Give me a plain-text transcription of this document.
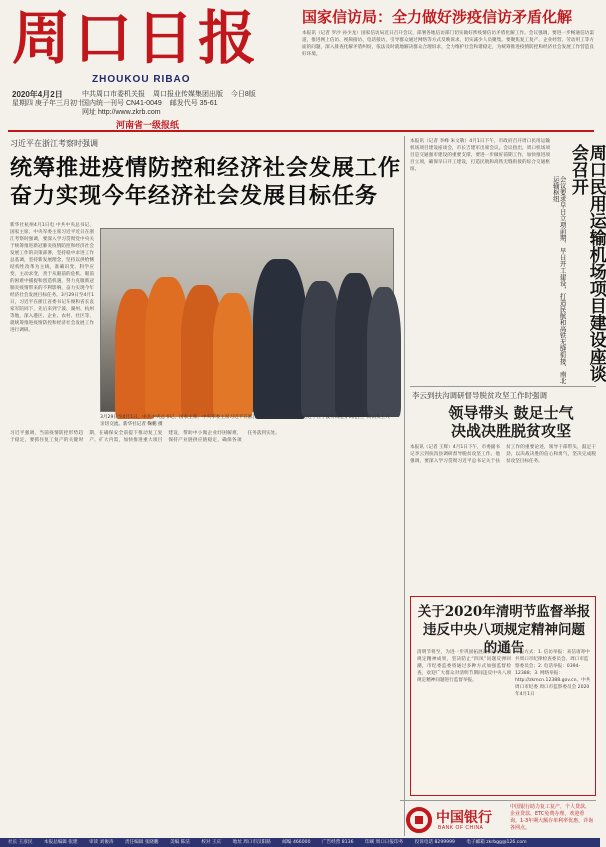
周口日报
ZHOUKOU RIBAO
2020年4月2日
星期四 庚子年三月初十
中共周口市委机关报 周口报业传媒集团出版 今日8版
国内统一刊号 CN41-0049 邮发代号 35-61 网址 http://www.zkrb.com
河南省一级报纸
国家信访局：全力做好涉疫信访矛盾化解
本报讯（记者 罗沙 孙少龙）国家信访局近日召开会议，部署各地信访部门切实做好涉疫情信访矛盾化解工作。会议强调，要进一步畅通信访渠道，推进网上信访、视频接访、电话接访，引导群众通过网络等方式反映诉求，切实减少人员聚集。要聚焦复工复产、企业经营、劳动用工等方面的问题，深入排查化解矛盾纠纷，依法及时就地解决群众合理诉求，全力维护社会和谐稳定，为统筹推进疫情防控和经济社会发展工作营造良好环境。
习近平在浙江考察时强调
统筹推进疫情防控和经济社会发展工作
奋力实现今年经济社会发展目标任务
新华社杭州4月1日电 中共中央总书记、国家主席、中央军委主席习近平近日在浙江考察时强调，要深入学习贯彻党中央关于统筹推进新冠肺炎疫情防控和经济社会发展工作的决策部署，坚持稳中求进工作总基调，坚持新发展理念，坚持以供给侧结构性改革为主线，准确识变、科学应变、主动求变，善于从眼前的危机、眼前的困难中捕捉和创造机遇，努力克服新冠肺炎疫情带来的不利影响，奋力实现今年经济社会发展目标任务。3月29日至4月1日，习近平在浙江省委书记车俊和省长袁家军陪同下，先后来到宁波、湖州、杭州等地，深入港区、企业、农村、社区等，就统筹推进疫情防控和经济社会发展工作进行调研。
3月29日至4月1日，中共中央总书记、国家主席、中央军委主席习近平在浙江考察。这是3月29日，习近平在宁波舟山港穿山港区，同码头工人亲切交流。新华社记者 鞠鹏 摄
习近平强调，当前疫情防控形势趋于稳定，要抓住复工复产的关键时期，在确保安全前提下推动复工复产、扩大内需，加快推进重大项目建设，帮助中小微企业纾困解难，保持产业链供应链稳定，确保各项任务落到实处。
本报讯（记者 李峰 朱文敬）4月1日下午，市政府召开周口民用运输机场项目建设座谈会，市长吉建军出席会议。会议指出，周口机场项目是交通强市建设的重要支撑，要进一步做好前期工作，加快推进项目立项，确保早日开工建设，打造民航和高铁无缝衔接的综合交通枢纽。	周口民用运输机场项目建设座谈会召开
会议要求早日立项前期、早日开工建设，打造民航和高铁无缝衔接、南北运输枢纽
李云到扶沟调研督导脱贫攻坚工作时强调
领导带头 鼓足士气
决战决胜脱贫攻坚
本报讯（记者 王辉）4月1日下午，市委副书记李云到扶沟县调研督导脱贫攻坚工作。他强调，要深入学习贯彻习近平总书记关于扶贫工作的重要论述，领导干部带头，鼓足干劲，以决战决胜的信心和勇气，坚决完成脱贫攻坚目标任务。
关于2020年清明节监督举报违反中央八项规定精神问题的通告
清明节将至，为进一步巩固拓展落实中央八项规定精神成果，坚决防止“四风”问题反弹回潮，市纪委监委将通过多种方式加强监督检查，欢迎广大群众对清明节期间违反中央八项规定精神问题进行监督举报。
举报方式：1. 信访举报：来信请寄中共周口市纪律检查委员会、周口市监察委员会；2. 电话举报：0394-12388；3. 网络举报：http://zkmcn.12388.gov.cn。中共周口市纪委 周口市监察委员会 2020年4月1日
中国银行
BANK OF CHINA
中国银行助力复工复产，个人贷款、企业贷款、ETC免费办理，欢迎垂询。1-3年期大额存单利率优惠，详询各网点。
社长 王彦民 本报总编辑 张建 审读 刘俊涛 责任编辑 张晓鹏 美编 陈洁 校对 王庆 地址 周口市汉阳路 邮编 466000 广告经营 8136 印刷 周口日报印务 投诉电话 8299999 电子邮箱 zkrbgg@126.com
